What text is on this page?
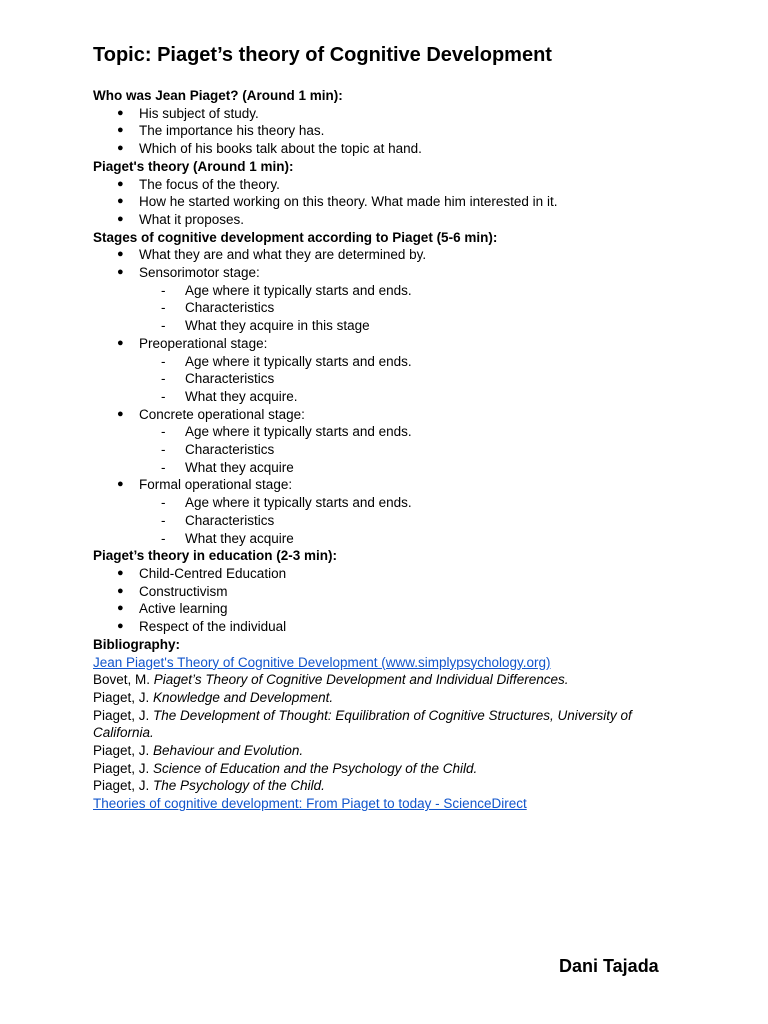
Topic: Piaget’s theory of Cognitive Development

Who was Jean Piaget? (Around 1 min):

● His subject of study.
● The importance his theory has.
● Which of his books talk about the topic at hand.

Piaget's theory (Around 1 min):

● The focus of the theory.
● How he started working on this theory. What made him interested in it.
● What it proposes.

Stages of cognitive development according to Piaget (5-6 min):

● What they are and what they are determined by.
● Sensorimotor stage:
- Age where it typically starts and ends.
- Characteristics
- What they acquire in this stage
● Preoperational stage:
- Age where it typically starts and ends.
- Characteristics
- What they acquire.
● Concrete operational stage:
- Age where it typically starts and ends.
- Characteristics
- What they acquire
● Formal operational stage:
- Age where it typically starts and ends.
- Characteristics
- What they acquire

Piaget’s theory in education (2-3 min):

● Child-Centred Education
● Constructivism
● Active learning
● Respect of the individual

Bibliography:

Jean Piaget's Theory of Cognitive Development (www.simplypsychology.org)

Bovet, M. Piaget’s Theory of Cognitive Development and Individual Differences.

Piaget, J. Knowledge and Development.

Piaget, J. The Development of Thought: Equilibration of Cognitive Structures, University of California.

Piaget, J. Behaviour and Evolution.

Piaget, J. Science of Education and the Psychology of the Child.

Piaget, J. The Psychology of the Child.

Theories of cognitive development: From Piaget to today - ScienceDirect

Dani Tajada
